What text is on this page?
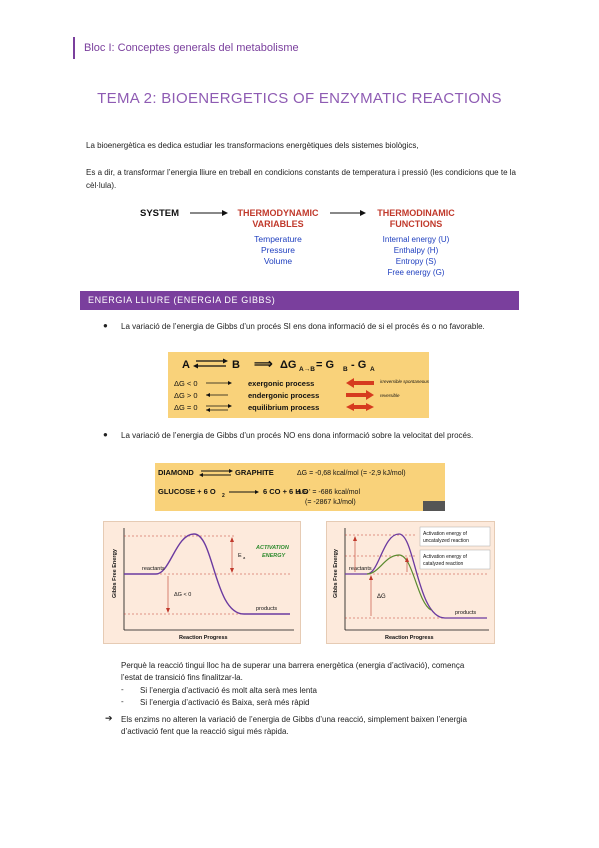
Bloc I: Conceptes generals del metabolisme
TEMA 2: BIOENERGETICS OF ENZYMATIC REACTIONS
La bioenergètica es dedica estudiar les transformacions energètiques dels sistemes biològics,
Es a dir, a transformar l’energia lliure en treball en condicions constants de temperatura i pressió (les condicions que te la cèl·lula).
SYSTEM	THERMODYNAMIC
VARIABLES
Temperature
Pressure
Volume
THERMODINAMIC
FUNCTIONS
Internal energy (U)
Enthalpy (H)
Entropy (S)
Free energy (G)
ENERGIA LLIURE (ENERGIA DE GIBBS)
● La variació de l’energia de Gibbs d’un procés SI ens dona informació de si el procés és o no favorable.
A	B ⟹ ΔG A→B = G B - G A
ΔG < 0	exergonic process	irreversible spontaneous
ΔG > 0	endergonic process	reversible
ΔG = 0	equilibrium process
● La variació de l’energia de Gibbs d’un procés NO ens dona informació sobre la velocitat del procés.
DIAMOND	GRAPHITE	ΔG = -0,68 kcal/mol (= -2,9 kJ/mol)
GLUCOSE + 6 O 2	6 CO + 6 H O
ΔG ' = -686 kcal/mol
(= -2867 kJ/mol)
Gibbs Free Energy
Reaction Progress
reactants
products
E a
ACTIVATION
ENERGY
ΔG < 0	Gibbs Free Energy
Reaction Progress
reactants
products
ΔG
Activation energy of
uncatalyzed reaction
Activation energy of
catalyzed reaction
Perquè la reacció tingui lloc ha de superar una barrera energètica (energia d’activació), comença
l’estat de transició fins finalitzar-la.
- Si l’energia d’activació és molt alta serà mes lenta
- Si l’energia d’activació és Baixa, serà més ràpid
➔ Els enzims no alteren la variació de l’energia de Gibbs d’una reacció, simplement baixen l’energia
d’activació fent que la reacció sigui més ràpida.
